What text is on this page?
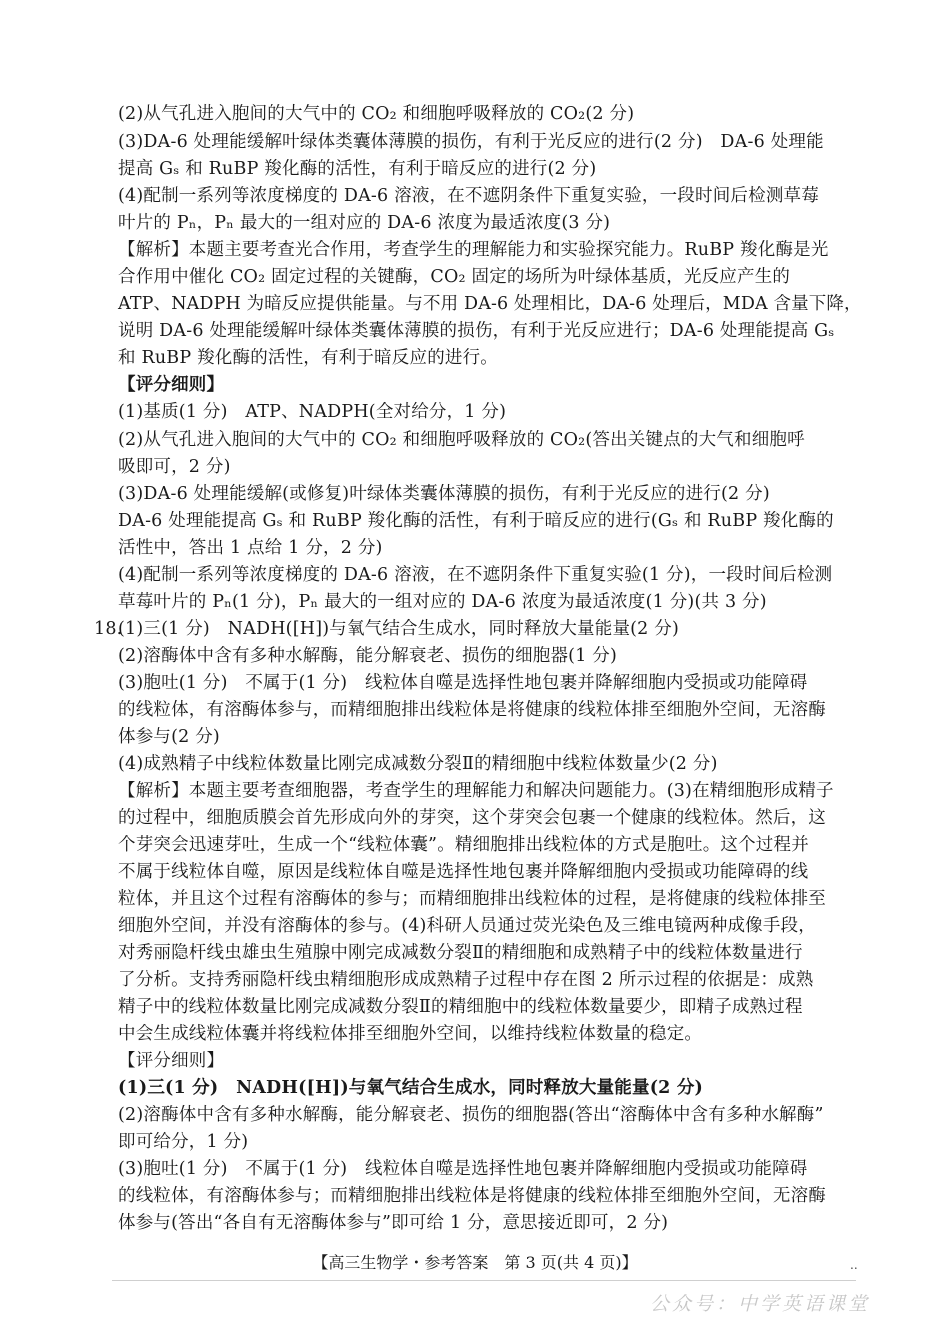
(2)从气孔进入胞间的大气中的 CO₂ 和细胞呼吸释放的 CO₂(2 分)
(3)DA-6 处理能缓解叶绿体类囊体薄膜的损伤，有利于光反应的进行(2 分)　DA-6 处理能
提高 Gₛ 和 RuBP 羧化酶的活性，有利于暗反应的进行(2 分)
(4)配制一系列等浓度梯度的 DA-6 溶液，在不遮阴条件下重复实验，一段时间后检测草莓
叶片的 Pₙ，Pₙ 最大的一组对应的 DA-6 浓度为最适浓度(3 分)
【解析】本题主要考查光合作用，考查学生的理解能力和实验探究能力。RuBP 羧化酶是光
合作用中催化 CO₂ 固定过程的关键酶，CO₂ 固定的场所为叶绿体基质，光反应产生的
ATP、NADPH 为暗反应提供能量。与不用 DA-6 处理相比，DA-6 处理后，MDA 含量下降，
说明 DA-6 处理能缓解叶绿体类囊体薄膜的损伤，有利于光反应进行；DA-6 处理能提高 Gₛ
和 RuBP 羧化酶的活性，有利于暗反应的进行。
【评分细则】
(1)基质(1 分)　ATP、NADPH(全对给分，1 分)
(2)从气孔进入胞间的大气中的 CO₂ 和细胞呼吸释放的 CO₂(答出关键点的大气和细胞呼
吸即可，2 分)
(3)DA-6 处理能缓解(或修复)叶绿体类囊体薄膜的损伤，有利于光反应的进行(2 分)
DA-6 处理能提高 Gₛ 和 RuBP 羧化酶的活性，有利于暗反应的进行(Gₛ 和 RuBP 羧化酶的
活性中，答出 1 点给 1 分，2 分)
(4)配制一系列等浓度梯度的 DA-6 溶液，在不遮阴条件下重复实验(1 分)，一段时间后检测
草莓叶片的 Pₙ(1 分)，Pₙ 最大的一组对应的 DA-6 浓度为最适浓度(1 分)(共 3 分)
18.(1)三(1 分)　NADH([H])与氧气结合生成水，同时释放大量能量(2 分)
(2)溶酶体中含有多种水解酶，能分解衰老、损伤的细胞器(1 分)
(3)胞吐(1 分)　不属于(1 分)　线粒体自噬是选择性地包裹并降解细胞内受损或功能障碍
的线粒体，有溶酶体参与，而精细胞排出线粒体是将健康的线粒体排至细胞外空间，无溶酶
体参与(2 分)
(4)成熟精子中线粒体数量比刚完成减数分裂Ⅱ的精细胞中线粒体数量少(2 分)
【解析】本题主要考查细胞器，考查学生的理解能力和解决问题能力。(3)在精细胞形成精子
的过程中，细胞质膜会首先形成向外的芽突，这个芽突会包裹一个健康的线粒体。然后，这
个芽突会迅速芽吐，生成一个“线粒体囊”。精细胞排出线粒体的方式是胞吐。这个过程并
不属于线粒体自噬，原因是线粒体自噬是选择性地包裹并降解细胞内受损或功能障碍的线
粒体，并且这个过程有溶酶体的参与；而精细胞排出线粒体的过程，是将健康的线粒体排至
细胞外空间，并没有溶酶体的参与。(4)科研人员通过荧光染色及三维电镜两种成像手段，
对秀丽隐杆线虫雄虫生殖腺中刚完成减数分裂Ⅱ的精细胞和成熟精子中的线粒体数量进行
了分析。支持秀丽隐杆线虫精细胞形成成熟精子过程中存在图 2 所示过程的依据是：成熟
精子中的线粒体数量比刚完成减数分裂Ⅱ的精细胞中的线粒体数量要少，即精子成熟过程
中会生成线粒体囊并将线粒体排至细胞外空间，以维持线粒体数量的稳定。
【评分细则】
(1)三(1 分)　NADH([H])与氧气结合生成水，同时释放大量能量(2 分)
(2)溶酶体中含有多种水解酶，能分解衰老、损伤的细胞器(答出“溶酶体中含有多种水解酶”
即可给分，1 分)
(3)胞吐(1 分)　不属于(1 分)　线粒体自噬是选择性地包裹并降解细胞内受损或功能障碍
的线粒体，有溶酶体参与；而精细胞排出线粒体是将健康的线粒体排至细胞外空间，无溶酶
体参与(答出“各自有无溶酶体参与”即可给 1 分，意思接近即可，2 分)
【高三生物学・参考答案　第 3 页(共 4 页)】	..
公众号：中学英语课堂
